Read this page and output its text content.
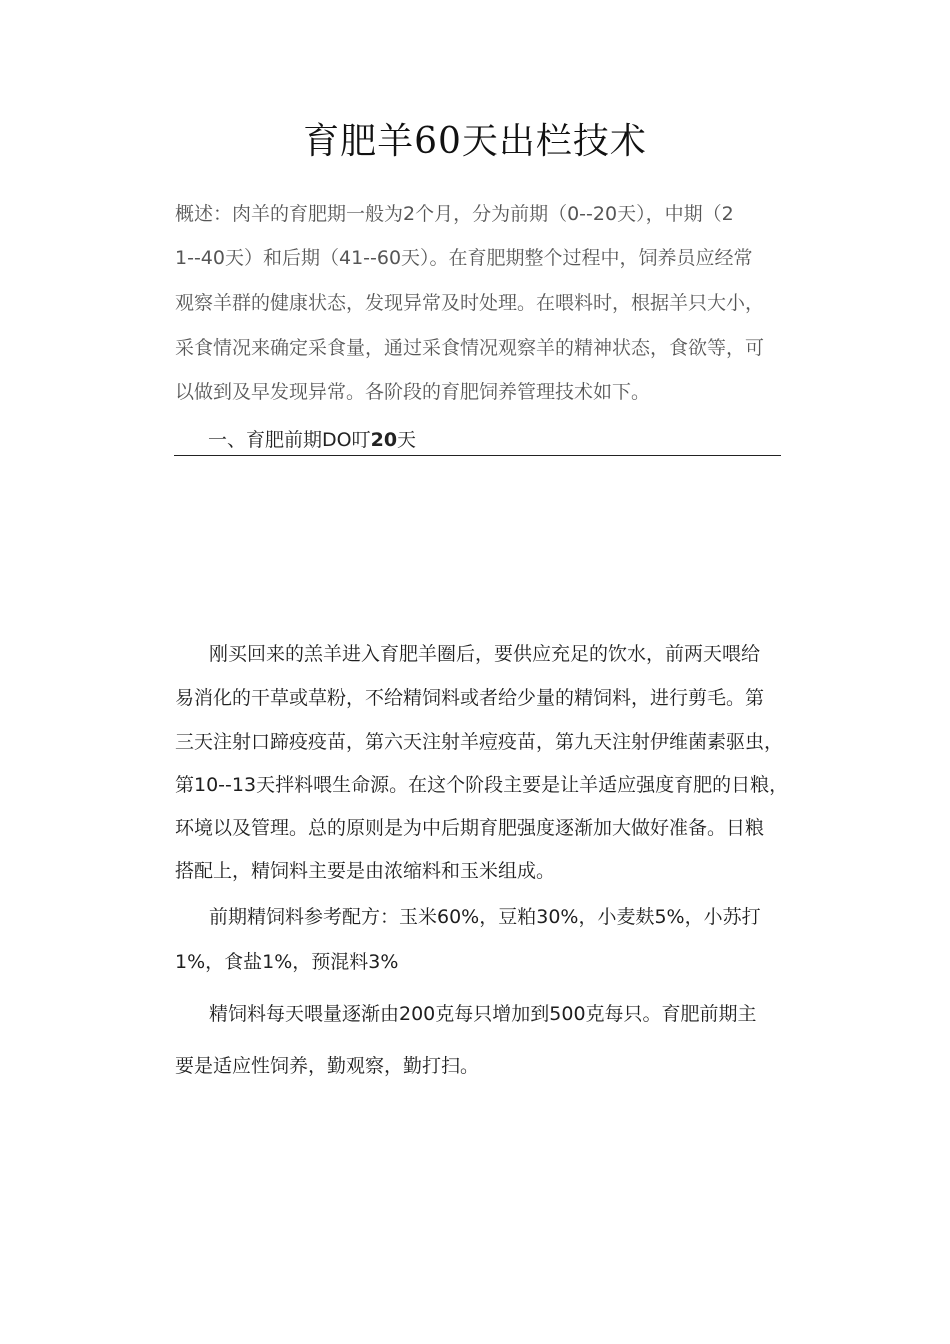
育肥羊60天出栏技术
概述：肉羊的育肥期一般为2个月，分为前期（0--20天），中期（2
1--40天）和后期（41--60天）。在育肥期整个过程中，饲养员应经常
观察羊群的健康状态，发现异常及时处理。在喂料时，根据羊只大小，
采食情况来确定采食量，通过采食情况观察羊的精神状态，食欲等，可
以做到及早发现异常。各阶段的育肥饲养管理技术如下。
一、育肥前期DO叮20天
刚买回来的羔羊进入育肥羊圈后，要供应充足的饮水，前两天喂给
易消化的干草或草粉，不给精饲料或者给少量的精饲料，进行剪毛。第
三天注射口蹄疫疫苗，第六天注射羊痘疫苗，第九天注射伊维菌素驱虫，
第10--13天拌料喂生命源。在这个阶段主要是让羊适应强度育肥的日粮，
环境以及管理。总的原则是为中后期育肥强度逐渐加大做好准备。日粮
搭配上，精饲料主要是由浓缩料和玉米组成。
前期精饲料参考配方：玉米60%，豆粕30%，小麦麸5%，小苏打
1%，食盐1%，预混料3%
精饲料每天喂量逐渐由200克每只增加到500克每只。育肥前期主
要是适应性饲养，勤观察，勤打扫。
